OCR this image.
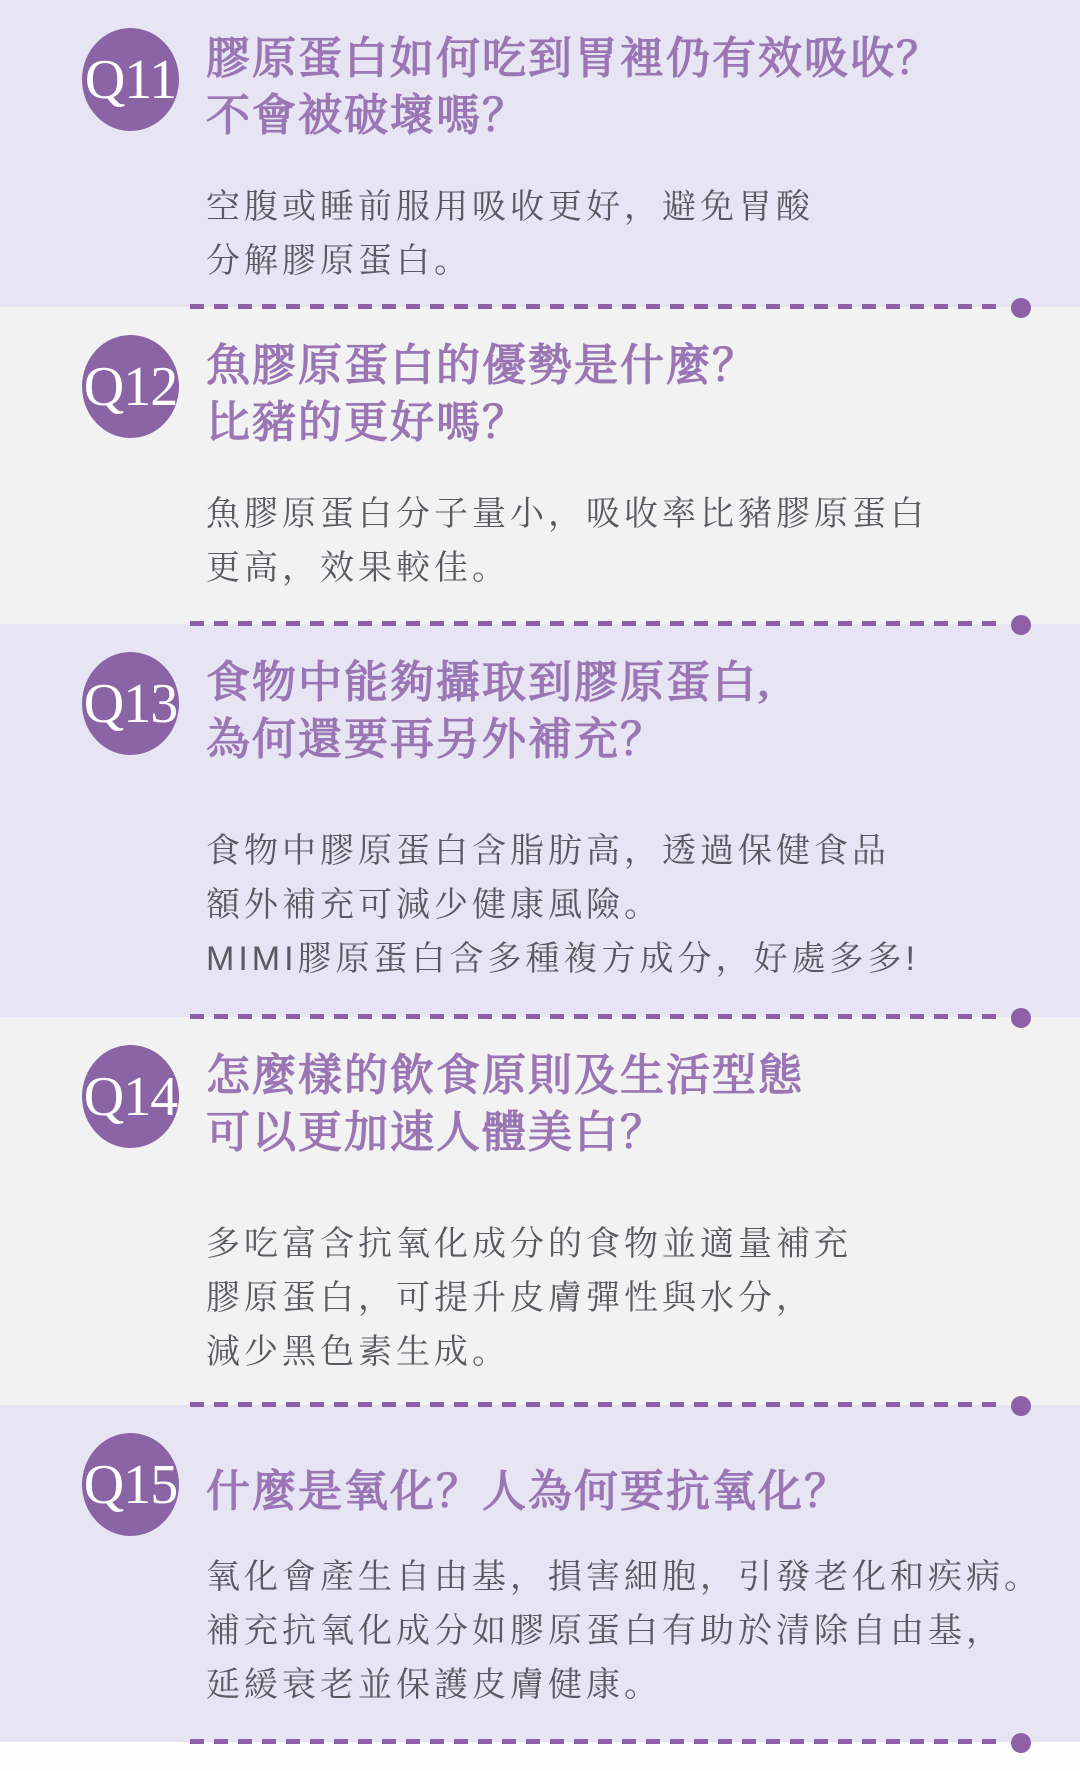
Q11 膠原蛋白如何吃到胃裡仍有效吸收？
不會被破壞嗎？

空腹或睡前服用吸收更好，避免胃酸

分解膠原蛋白。

Q12 魚膠原蛋白的優勢是什麼？
比豬的更好嗎？

魚膠原蛋白分子量小，吸收率比豬膠原蛋白

更高，效果較佳。

Q13 食物中能夠攝取到膠原蛋白,
為何還要再另外補充？

食物中膠原蛋白含脂肪高，透過保健食品

額外補充可減少健康風險。

MIMI膠原蛋白含多種複方成分，好處多多!

Q14 怎麼樣的飲食原則及生活型態
可以更加速人體美白？

多吃富含抗氧化成分的食物並適量補充

膠原蛋白，可提升皮膚彈性與水分，

減少黑色素生成。

Q15 什麼是氧化？人為何要抗氧化？

氧化會產生自由基，損害細胞，引發老化和疾病。

補充抗氧化成分如膠原蛋白有助於清除自由基，

延緩衰老並保護皮膚健康。
